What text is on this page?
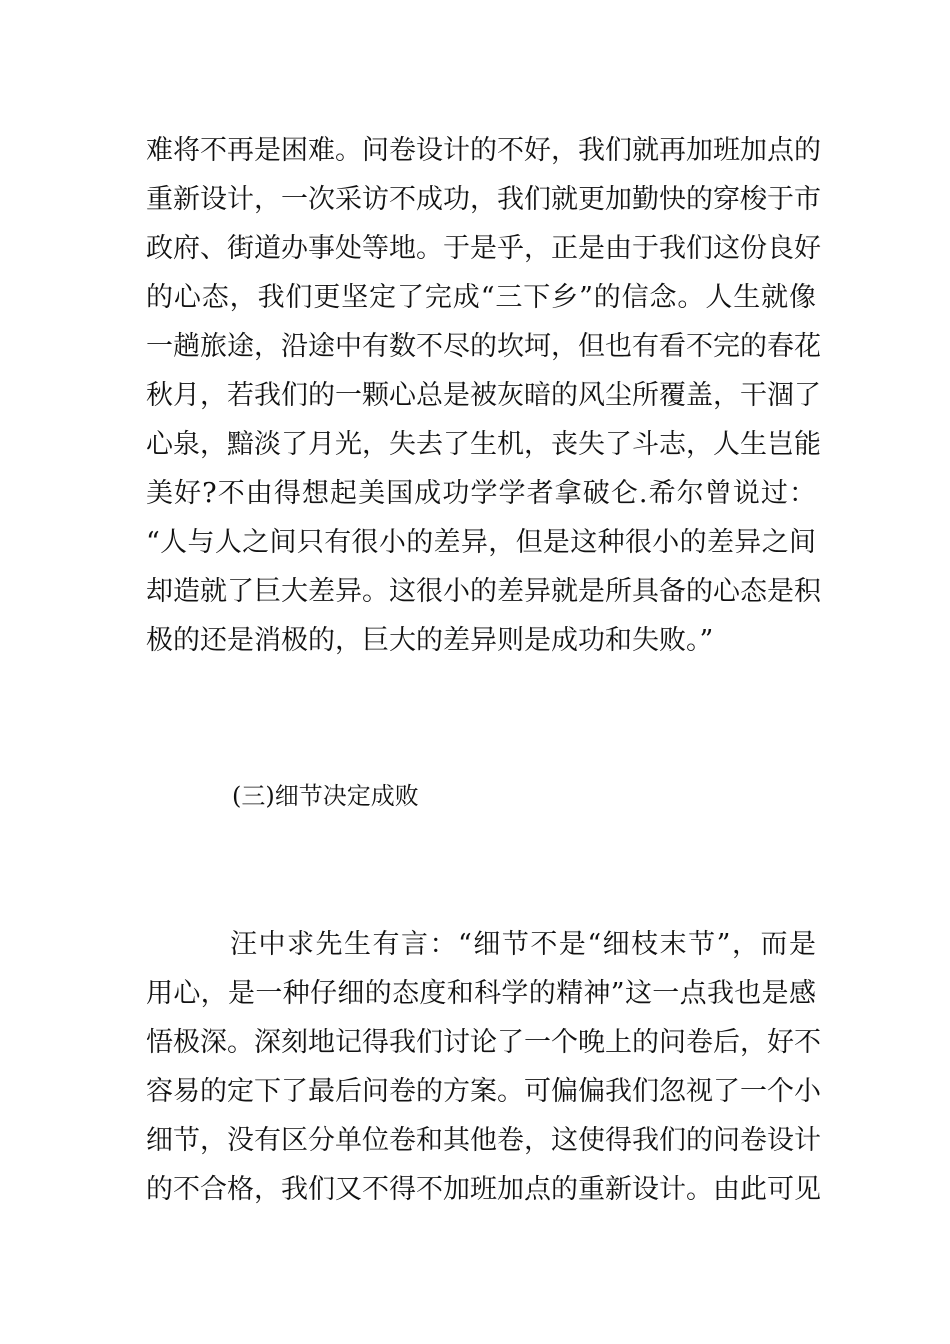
难将不再是困难。问卷设计的不好，我们就再加班加点的
重新设计，一次采访不成功，我们就更加勤快的穿梭于市
政府、街道办事处等地。于是乎，正是由于我们这份良好
的心态，我们更坚定了完成“三下乡”的信念。人生就像
一趟旅途，沿途中有数不尽的坎坷，但也有看不完的春花
秋月，若我们的一颗心总是被灰暗的风尘所覆盖，干涸了
心泉，黯淡了月光，失去了生机，丧失了斗志，人生岂能
美好?不由得想起美国成功学学者拿破仑.希尔曾说过：
“人与人之间只有很小的差异，但是这种很小的差异之间
却造就了巨大差异。这很小的差异就是所具备的心态是积
极的还是消极的，巨大的差异则是成功和失败。”
(三)细节决定成败
汪中求先生有言：“细节不是“细枝末节”，而是
用心，是一种仔细的态度和科学的精神”这一点我也是感
悟极深。深刻地记得我们讨论了一个晚上的问卷后，好不
容易的定下了最后问卷的方案。可偏偏我们忽视了一个小
细节，没有区分单位卷和其他卷，这使得我们的问卷设计
的不合格，我们又不得不加班加点的重新设计。由此可见
